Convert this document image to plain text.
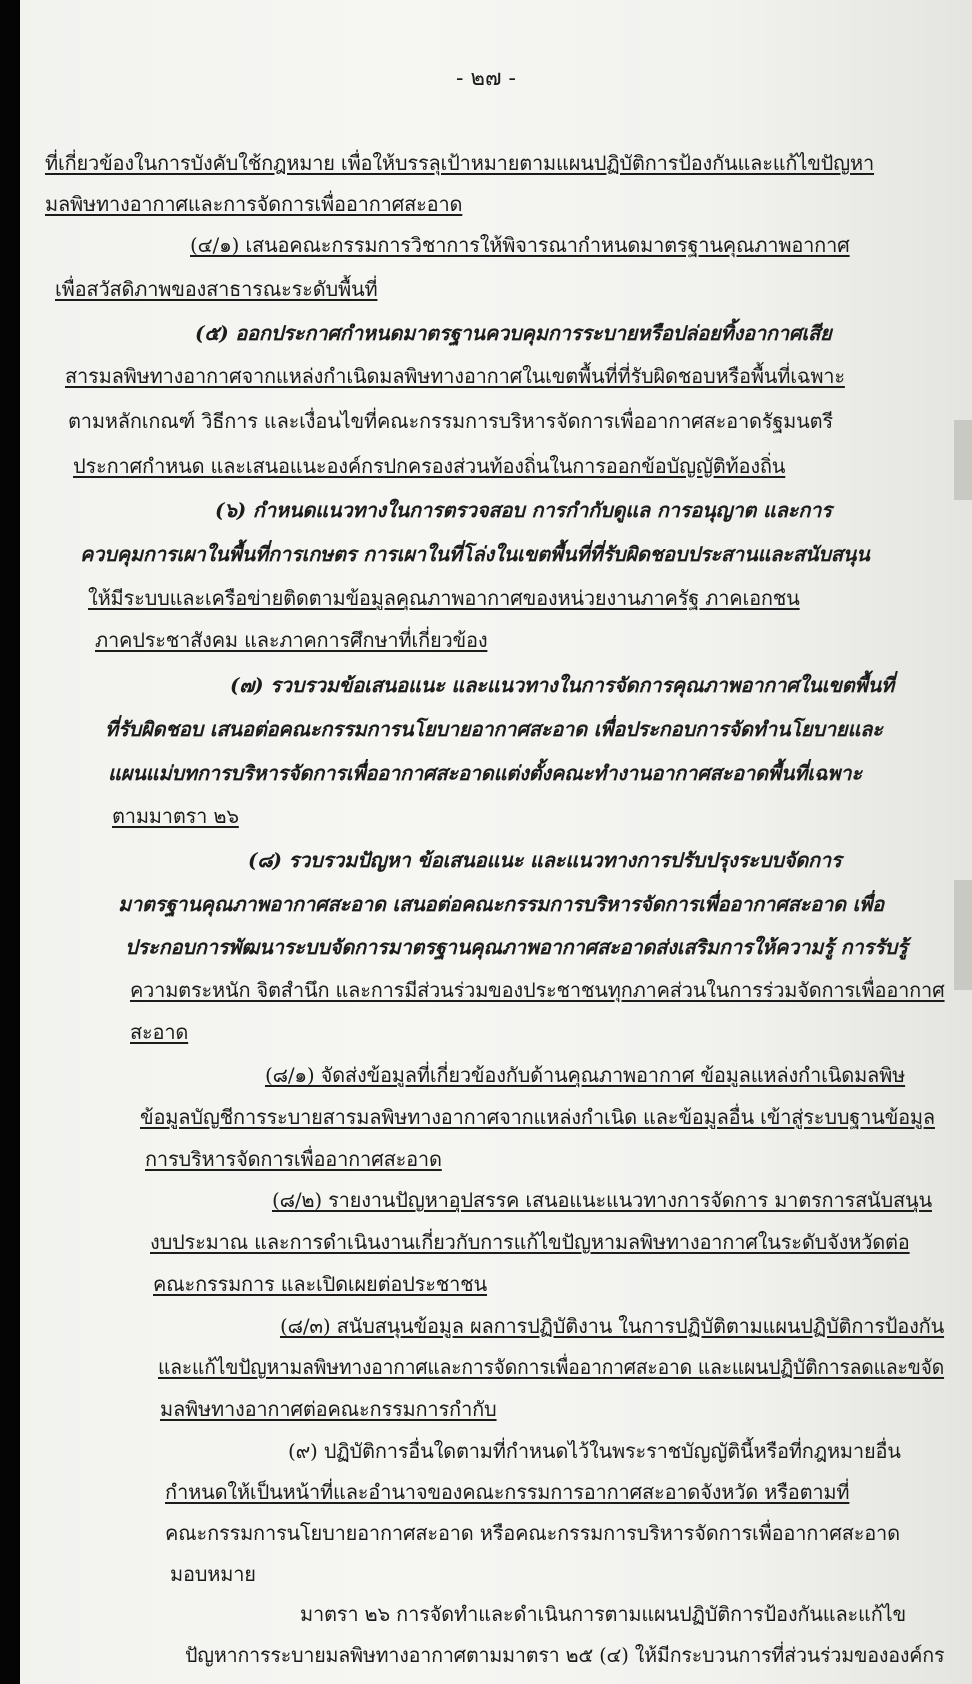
- ๒๗ -
ที่เกี่ยวข้องในการบังคับใช้กฎหมาย เพื่อให้บรรลุเป้าหมายตามแผนปฏิบัติการป้องกันและแก้ไขปัญหา
มลพิษทางอากาศและการจัดการเพื่ออากาศสะอาด
(๔/๑) เสนอคณะกรรมการวิชาการให้พิจารณากำหนดมาตรฐานคุณภาพอากาศ
เพื่อสวัสดิภาพของสาธารณะระดับพื้นที่
(๕) ออกประกาศกำหนดมาตรฐานควบคุมการระบายหรือปล่อยทิ้งอากาศเสีย
สารมลพิษทางอากาศจากแหล่งกำเนิดมลพิษทางอากาศในเขตพื้นที่ที่รับผิดชอบหรือพื้นที่เฉพาะ
ตามหลักเกณฑ์ วิธีการ และเงื่อนไขที่คณะกรรมการบริหารจัดการเพื่ออากาศสะอาดรัฐมนตรี
ประกาศกำหนด และเสนอแนะองค์กรปกครองส่วนท้องถิ่นในการออกข้อบัญญัติท้องถิ่น
(๖) กำหนดแนวทางในการตรวจสอบ การกำกับดูแล การอนุญาต และการ
ควบคุมการเผาในพื้นที่การเกษตร การเผาในที่โล่งในเขตพื้นที่ที่รับผิดชอบประสานและสนับสนุน
ให้มีระบบและเครือข่ายติดตามข้อมูลคุณภาพอากาศของหน่วยงานภาครัฐ ภาคเอกชน
ภาคประชาสังคม และภาคการศึกษาที่เกี่ยวข้อง
(๗) รวบรวมข้อเสนอแนะ และแนวทางในการจัดการคุณภาพอากาศในเขตพื้นที่
ที่รับผิดชอบ เสนอต่อคณะกรรมการนโยบายอากาศสะอาด เพื่อประกอบการจัดทำนโยบายและ
แผนแม่บทการบริหารจัดการเพื่ออากาศสะอาดแต่งตั้งคณะทำงานอากาศสะอาดพื้นที่เฉพาะ
ตามมาตรา ๒๖
(๘) รวบรวมปัญหา ข้อเสนอแนะ และแนวทางการปรับปรุงระบบจัดการ
มาตรฐานคุณภาพอากาศสะอาด เสนอต่อคณะกรรมการบริหารจัดการเพื่ออากาศสะอาด เพื่อ
ประกอบการพัฒนาระบบจัดการมาตรฐานคุณภาพอากาศสะอาดส่งเสริมการให้ความรู้ การรับรู้
ความตระหนัก จิตสำนึก และการมีส่วนร่วมของประชาชนทุกภาคส่วนในการร่วมจัดการเพื่ออากาศ
สะอาด
(๘/๑) จัดส่งข้อมูลที่เกี่ยวข้องกับด้านคุณภาพอากาศ ข้อมูลแหล่งกำเนิดมลพิษ
ข้อมูลบัญชีการระบายสารมลพิษทางอากาศจากแหล่งกำเนิด และข้อมูลอื่น เข้าสู่ระบบฐานข้อมูล
การบริหารจัดการเพื่ออากาศสะอาด
(๘/๒) รายงานปัญหาอุปสรรค เสนอแนะแนวทางการจัดการ มาตรการสนับสนุน
งบประมาณ และการดำเนินงานเกี่ยวกับการแก้ไขปัญหามลพิษทางอากาศในระดับจังหวัดต่อ
คณะกรรมการ และเปิดเผยต่อประชาชน
(๘/๓) สนับสนุนข้อมูล ผลการปฏิบัติงาน ในการปฏิบัติตามแผนปฏิบัติการป้องกัน
และแก้ไขปัญหามลพิษทางอากาศและการจัดการเพื่ออากาศสะอาด และแผนปฏิบัติการลดและขจัด
มลพิษทางอากาศต่อคณะกรรมการกำกับ
(๙) ปฏิบัติการอื่นใดตามที่กำหนดไว้ในพระราชบัญญัตินี้หรือที่กฎหมายอื่น
กำหนดให้เป็นหน้าที่และอำนาจของคณะกรรมการอากาศสะอาดจังหวัด หรือตามที่
คณะกรรมการนโยบายอากาศสะอาด หรือคณะกรรมการบริหารจัดการเพื่ออากาศสะอาด
มอบหมาย
มาตรา ๒๖ การจัดทำและดำเนินการตามแผนปฏิบัติการป้องกันและแก้ไข
ปัญหาการระบายมลพิษทางอากาศตามมาตรา ๒๕ (๔) ให้มีกระบวนการที่ส่วนร่วมขององค์กร
